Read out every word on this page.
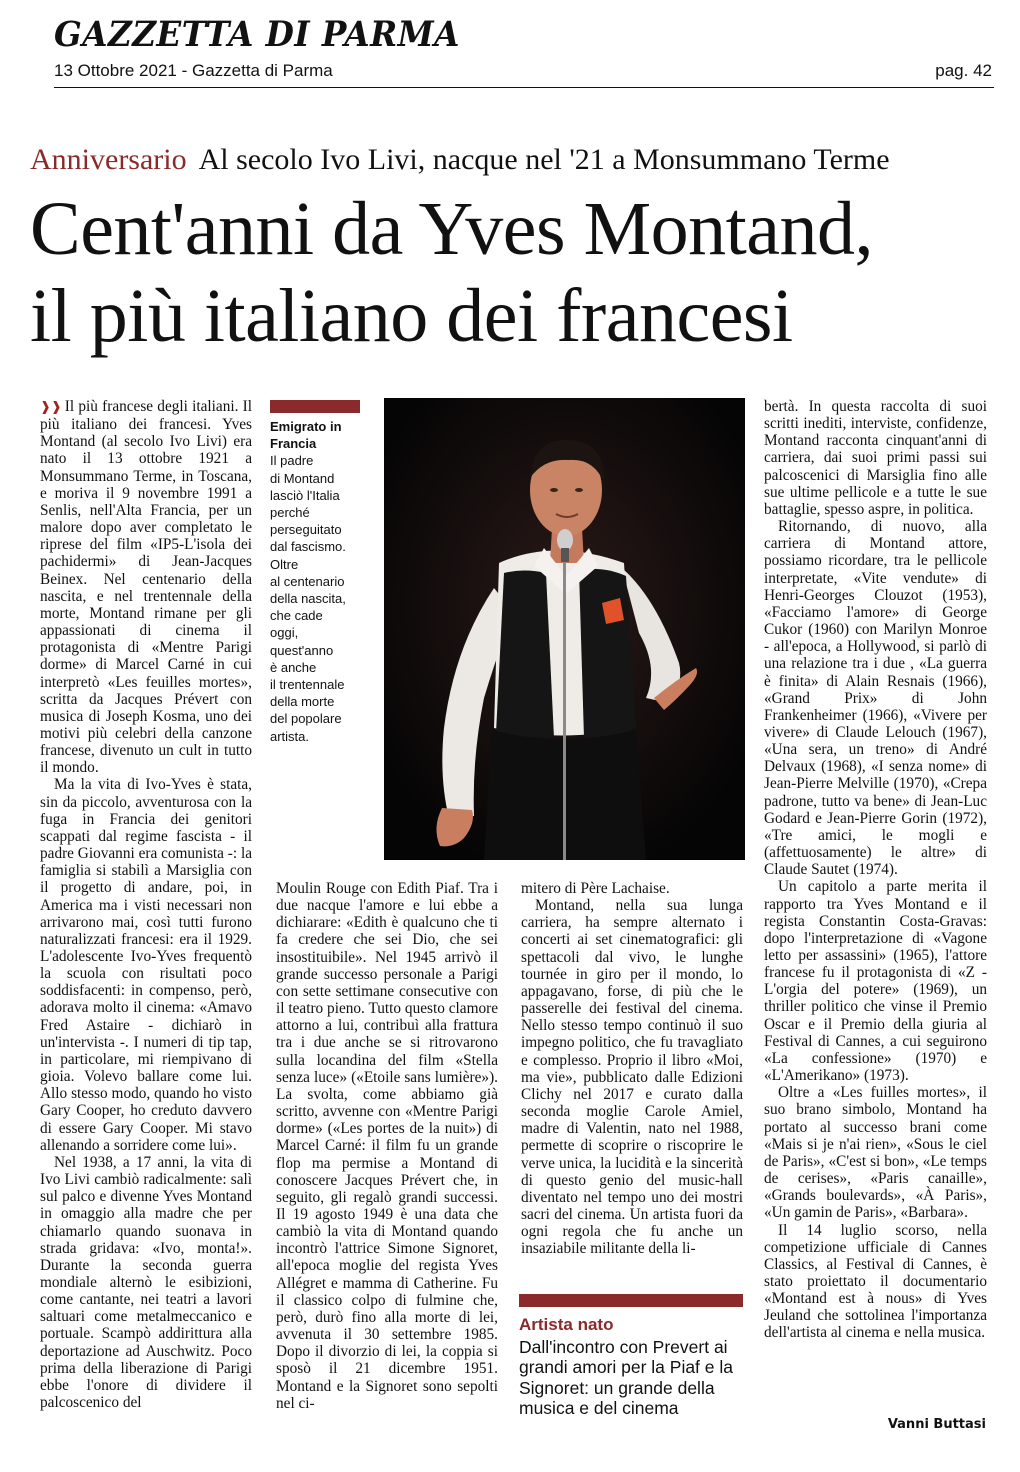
GAZZETTA DI PARMA
13 Ottobre 2021 - Gazzetta di Parma	pag. 42
Anniversario Al secolo Ivo Livi, nacque nel '21 a Monsummano Terme
Cent'anni da Yves Montand,
il più italiano dei francesi

❱❱ Il più francese degli italiani. Il più italiano dei francesi. Yves Montand (al secolo Ivo Livi) era nato il 13 ottobre 1921 a Monsummano Terme, in Toscana, e moriva il 9 novembre 1991 a Senlis, nell'Alta Francia, per un malore dopo aver completato le riprese del film «IP5-L'isola dei pachidermi» di Jean-Jacques Beinex. Nel centenario della nascita, e nel trentennale della morte, Montand rimane per gli appassionati di cinema il protagonista di «Mentre Parigi dorme» di Marcel Carné in cui interpretò «Les feuilles mortes», scritta da Jacques Prévert con musica di Joseph Kosma, uno dei motivi più celebri della canzone francese, divenuto un cult in tutto il mondo.

Ma la vita di Ivo-Yves è stata, sin da piccolo, avventurosa con la fuga in Francia dei genitori scappati dal regime fascista - il padre Giovanni era comunista -: la famiglia si stabilì a Marsiglia con il progetto di andare, poi, in America ma i visti necessari non arrivarono mai, così tutti furono naturalizzati francesi: era il 1929. L'adolescente Ivo-Yves frequentò la scuola con risultati poco soddisfacenti: in compenso, però, adorava molto il cinema: «Amavo Fred Astaire - dichiarò in un'intervista -. I numeri di tip tap, in particolare, mi riempivano di gioia. Volevo ballare come lui. Allo stesso modo, quando ho visto Gary Cooper, ho creduto davvero di essere Gary Cooper. Mi stavo allenando a sorridere come lui».

Nel 1938, a 17 anni, la vita di Ivo Livi cambiò radicalmente: salì sul palco e divenne Yves Montand in omaggio alla madre che per chiamarlo quando suonava in strada gridava: «Ivo, monta!». Durante la seconda guerra mondiale alternò le esibizioni, come cantante, nei teatri a lavori saltuari come metalmeccanico e portuale. Scampò addirittura alla deportazione ad Auschwitz. Poco prima della liberazione di Parigi ebbe l'onore di dividere il palcoscenico del

Emigrato in
Francia
Il padre
di Montand
lasciò l'Italia
perché
perseguitato
dal fascismo.
Oltre
al centenario
della nascita,
che cade
oggi,
quest'anno
è anche
il trentennale
della morte
del popolare
artista.

Moulin Rouge con Edith Piaf. Tra i due nacque l'amore e lui ebbe a dichiarare: «Edith è qualcuno che ti fa credere che sei Dio, che sei insostituibile». Nel 1945 arrivò il grande successo personale a Parigi con sette settimane consecutive con il teatro pieno. Tutto questo clamore attorno a lui, contribuì alla frattura tra i due anche se si ritrovarono sulla locandina del film «Stella senza luce» («Etoile sans lumière»). La svolta, come abbiamo già scritto, avvenne con «Mentre Parigi dorme» («Les portes de la nuit») di Marcel Carné: il film fu un grande flop ma permise a Montand di conoscere Jacques Prévert che, in seguito, gli regalò grandi successi. Il 19 agosto 1949 è una data che cambiò la vita di Montand quando incontrò l'attrice Simone Signoret, all'epoca moglie del regista Yves Allégret e mamma di Catherine. Fu il classico colpo di fulmine che, però, durò fino alla morte di lei, avvenuta il 30 settembre 1985. Dopo il divorzio di lei, la coppia si sposò il 21 dicembre 1951. Montand e la Signoret sono sepolti nel ci-

mitero di Père Lachaise.

Montand, nella sua lunga carriera, ha sempre alternato i concerti ai set cinematografici: gli spettacoli dal vivo, le lunghe tournée in giro per il mondo, lo appagavano, forse, di più che le passerelle dei festival del cinema. Nello stesso tempo continuò il suo impegno politico, che fu travagliato e complesso. Proprio il libro «Moi, ma vie», pubblicato dalle Edizioni Clichy nel 2017 e curato dalla seconda moglie Carole Amiel, madre di Valentin, nato nel 1988, permette di scoprire o riscoprire le verve unica, la lucidità e la sincerità di questo genio del music-hall diventato nel tempo uno dei mostri sacri del cinema. Un artista fuori da ogni regola che fu anche un insaziabile militante della li-

Artista nato
Dall'incontro con Prevert ai grandi amori per la Piaf e la Signoret: un grande della musica e del cinema

bertà. In questa raccolta di suoi scritti inediti, interviste, confidenze, Montand racconta cinquant'anni di carriera, dai suoi primi passi sui palcoscenici di Marsiglia fino alle sue ultime pellicole e a tutte le sue battaglie, spesso aspre, in politica.

Ritornando, di nuovo, alla carriera di Montand attore, possiamo ricordare, tra le pellicole interpretate, «Vite vendute» di Henri-Georges Clouzot (1953), «Facciamo l'amore» di George Cukor (1960) con Marilyn Monroe - all'epoca, a Hollywood, si parlò di una relazione tra i due , «La guerra è finita» di Alain Resnais (1966), «Grand Prix» di John Frankenheimer (1966), «Vivere per vivere» di Claude Lelouch (1967), «Una sera, un treno» di André Delvaux (1968), «I senza nome» di Jean-Pierre Melville (1970), «Crepa padrone, tutto va bene» di Jean-Luc Godard e Jean-Pierre Gorin (1972), «Tre amici, le mogli e (affettuosamente) le altre» di Claude Sautet (1974).

Un capitolo a parte merita il rapporto tra Yves Montand e il regista Constantin Costa-Gravas: dopo l'interpretazione di «Vagone letto per assassini» (1965), l'attore francese fu il protagonista di «Z - L'orgia del potere» (1969), un thriller politico che vinse il Premio Oscar e il Premio della giuria al Festival di Cannes, a cui seguirono «La confessione» (1970) e «L'Amerikano» (1973).

Oltre a «Les fuilles mortes», il suo brano simbolo, Montand ha portato al successo brani come «Mais si je n'ai rien», «Sous le ciel de Paris», «C'est si bon», «Le temps de cerises», «Paris canaille», «Grands boulevards», «À Paris», «Un gamin de Paris», «Barbara».

Il 14 luglio scorso, nella competizione ufficiale di Cannes Classics, al Festival di Cannes, è stato proiettato il documentario «Montand est à nous» di Yves Jeuland che sottolinea l'importanza dell'artista al cinema e nella musica.

Vanni Buttasi
